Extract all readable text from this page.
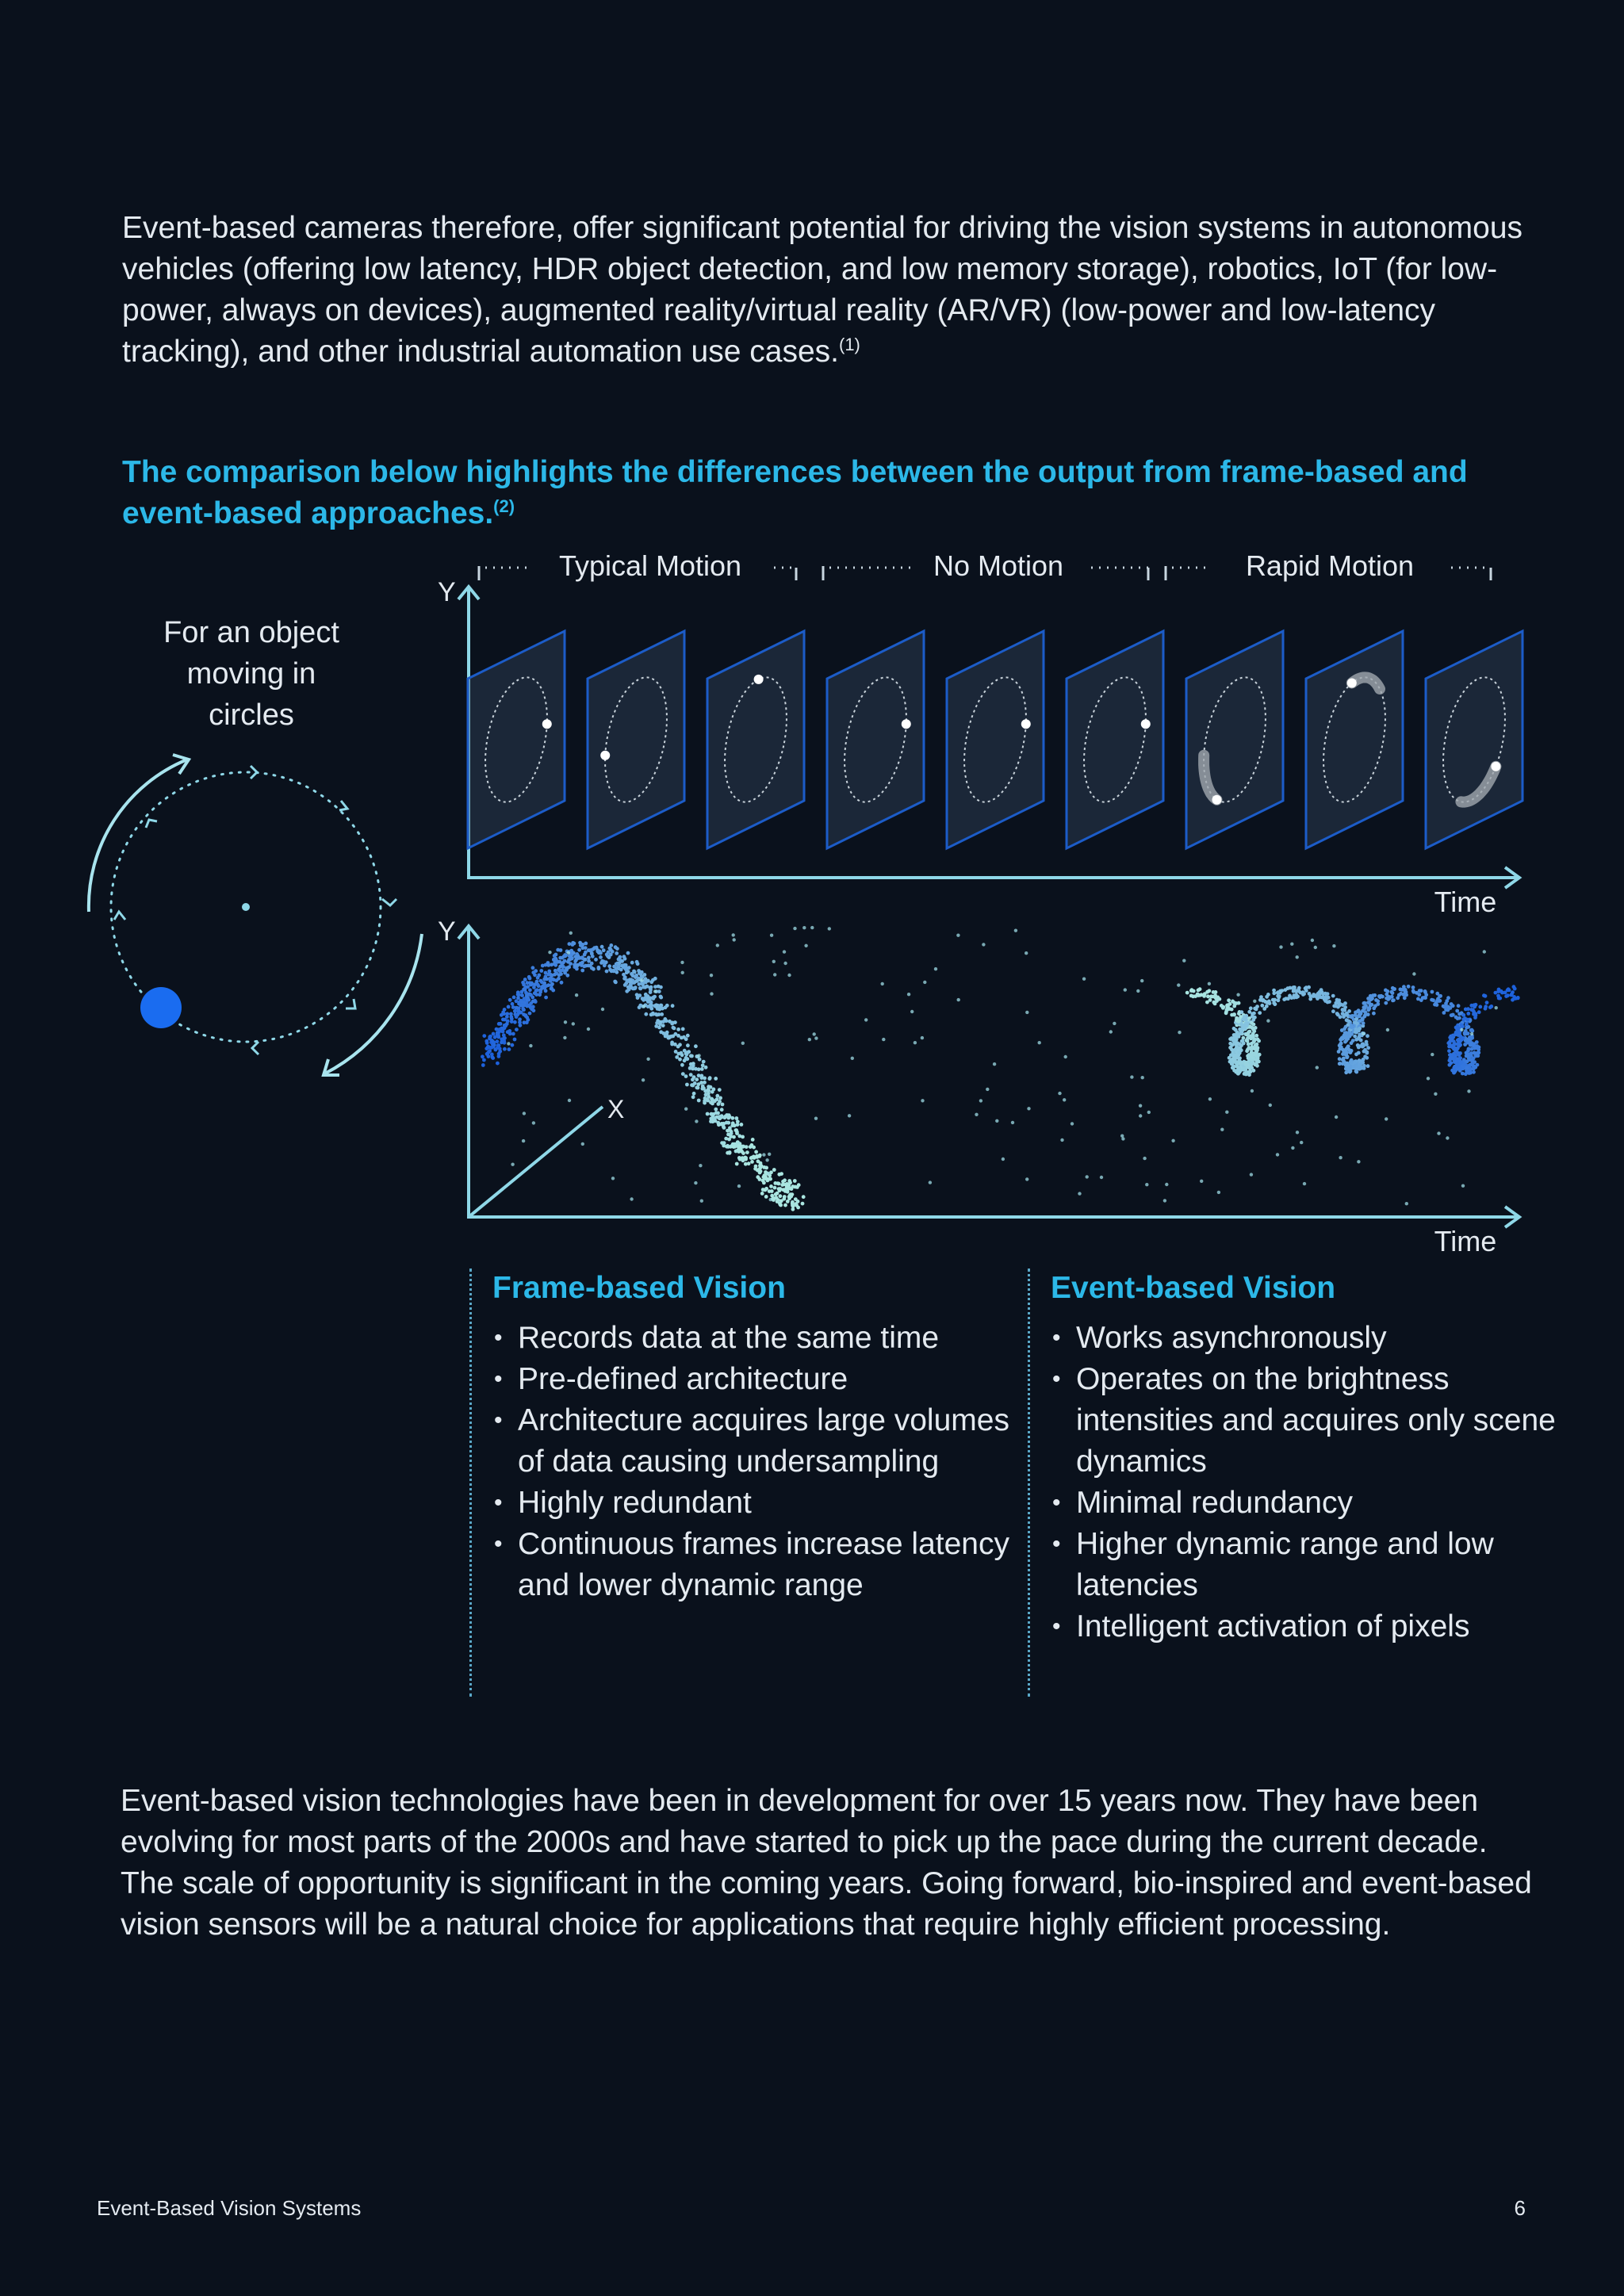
Event-based cameras therefore, offer significant potential for driving the vision systems in autonomous vehicles (offering low latency, HDR object detection, and low memory storage), robotics, IoT (for low-power, always on devices), augmented reality/virtual reality (AR/VR) (low-power and low-latency tracking), and other industrial automation use cases.$^{(1)}$

The comparison below highlights the differences between the output from frame-based and event-based approaches.$^{(2)}$

For an object
moving in
circles
Typical Motion	No Motion	Rapid Motion
Y
Time
Y
X
Time

Frame-based Vision

• Records data at the same time
• Pre-defined architecture
• Architecture acquires large volumes of data causing undersampling
• Highly redundant
• Continuous frames increase latency and lower dynamic range

Event-based Vision

• Works asynchronously
• Operates on the brightness intensities and acquires only scene dynamics
• Minimal redundancy
• Higher dynamic range and low latencies
• Intelligent activation of pixels

Event-based vision technologies have been in development for over 15 years now. They have been evolving for most parts of the 2000s and have started to pick up the pace during the current decade. The scale of opportunity is significant in the coming years. Going forward, bio-inspired and event-based vision sensors will be a natural choice for applications that require highly efficient processing.

Event-Based Vision Systems	6
